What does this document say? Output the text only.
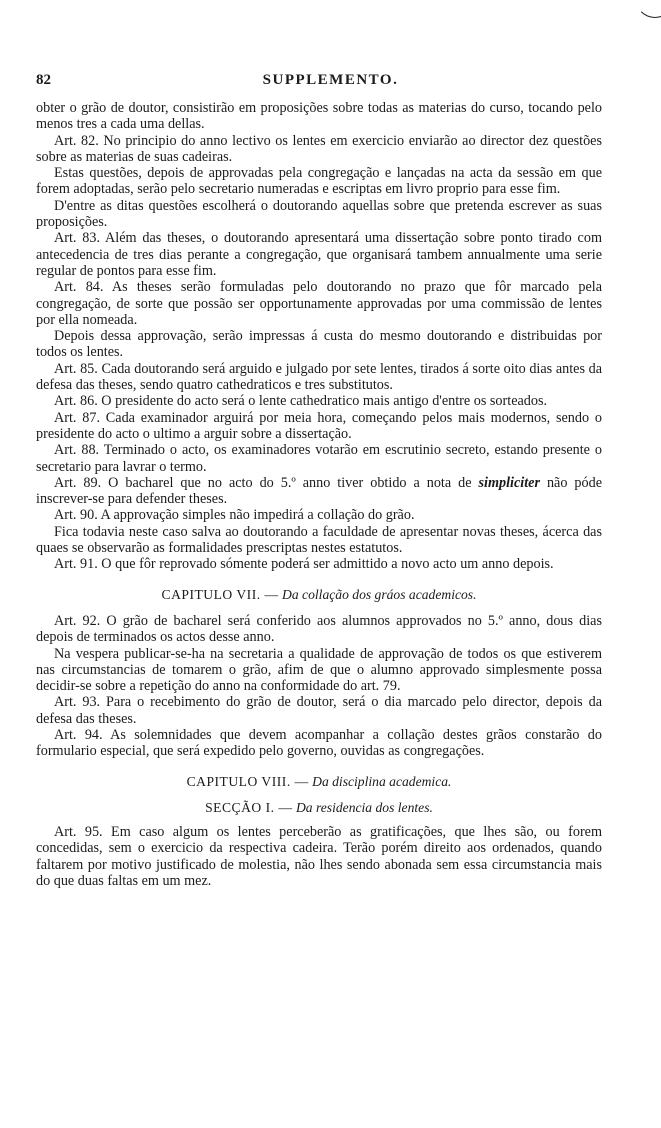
82	SUPPLEMENTO.

obter o grão de doutor, consistirão em proposições sobre todas as materias do curso, tocando pelo menos tres a cada uma dellas.

Art. 82. No principio do anno lectivo os lentes em exercicio enviarão ao director dez questões sobre as materias de suas cadeiras.

Estas questões, depois de approvadas pela congregação e lançadas na acta da sessão em que forem adoptadas, serão pelo secretario numeradas e escriptas em livro proprio para esse fim.

D'entre as ditas questões escolherá o doutorando aquellas sobre que pretenda escrever as suas proposições.

Art. 83. Além das theses, o doutorando apresentará uma dissertação sobre ponto tirado com antecedencia de tres dias perante a congregação, que organisará tambem annualmente uma serie regular de pontos para esse fim.

Art. 84. As theses serão formuladas pelo doutorando no prazo que fôr marcado pela congregação, de sorte que possão ser opportunamente approvadas por uma commissão de lentes por ella nomeada.

Depois dessa approvação, serão impressas á custa do mesmo doutorando e distribuidas por todos os lentes.

Art. 85. Cada doutorando será arguido e julgado por sete lentes, tirados á sorte oito dias antes da defesa das theses, sendo quatro cathedraticos e tres substitutos.

Art. 86. O presidente do acto será o lente cathedratico mais antigo d'entre os sorteados.

Art. 87. Cada examinador arguirá por meia hora, começando pelos mais modernos, sendo o presidente do acto o ultimo a arguir sobre a dissertação.

Art. 88. Terminado o acto, os examinadores votarão em escrutinio secreto, estando presente o secretario para lavrar o termo.

Art. 89. O bacharel que no acto do 5.º anno tiver obtido a nota de simpliciter não póde inscrever-se para defender theses.

Art. 90. A approvação simples não impedirá a collação do grão.

Fica todavia neste caso salva ao doutorando a faculdade de apresentar novas theses, ácerca das quaes se observarão as formalidades prescriptas nestes estatutos.

Art. 91. O que fôr reprovado sómente poderá ser admittido a novo acto um anno depois.

CAPITULO VII. — Da collação dos gráos academicos.

Art. 92. O grão de bacharel será conferido aos alumnos approvados no 5.º anno, dous dias depois de terminados os actos desse anno.

Na vespera publicar-se-ha na secretaria a qualidade de approvação de todos os que estiverem nas circumstancias de tomarem o grão, afim de que o alumno approvado simplesmente possa decidir-se sobre a repetição do anno na conformidade do art. 79.

Art. 93. Para o recebimento do grão de doutor, será o dia marcado pelo director, depois da defesa das theses.

Art. 94. As solemnidades que devem acompanhar a collação destes grãos constarão do formulario especial, que será expedido pelo governo, ouvidas as congregações.

CAPITULO VIII. — Da disciplina academica.
SECÇÃO I. — Da residencia dos lentes.

Art. 95. Em caso algum os lentes perceberão as gratificações, que lhes são, ou forem concedidas, sem o exercicio da respectiva cadeira. Terão porém direito aos ordenados, quando faltarem por motivo justificado de molestia, não lhes sendo abonada sem essa circumstancia mais do que duas faltas em um mez.
